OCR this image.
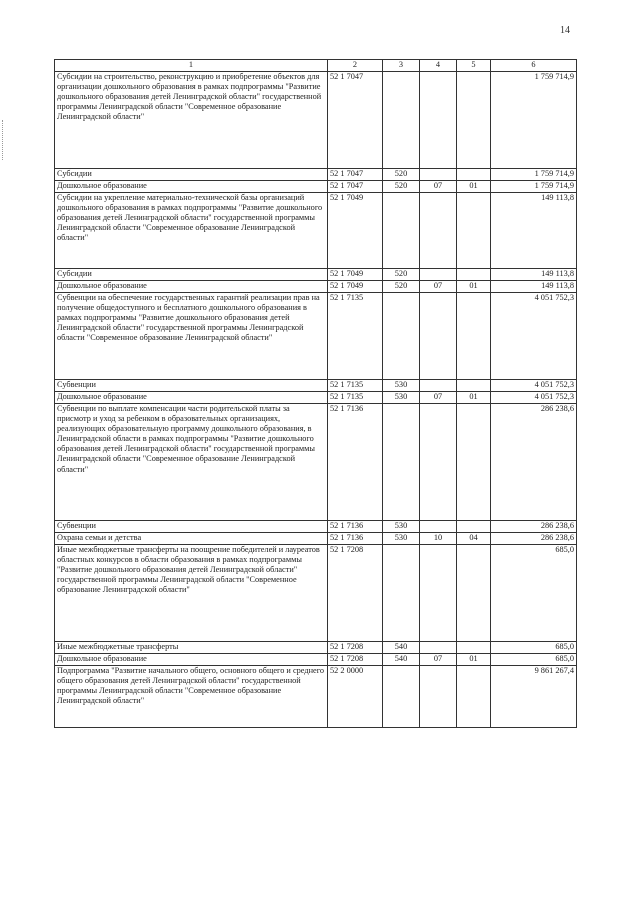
14
1	2	3	4	5	6
Субсидии на строительство, реконструкцию и приобретение объектов для организации дошкольного образования в рамках подпрограммы "Развитие дошкольного образования детей Ленинградской области" государственной программы Ленинградской области "Современное образование Ленинградской области"	52 1 7047				1 759 714,9
Субсидии	52 1 7047	520			1 759 714,9
Дошкольное образование	52 1 7047	520	07	01	1 759 714,9
Субсидии на укрепление материально-технической базы организаций дошкольного образования в рамках подпрограммы "Развитие дошкольного образования детей Ленинградской области" государственной программы Ленинградской области "Современное образование Ленинградской области"	52 1 7049				149 113,8
Субсидии	52 1 7049	520			149 113,8
Дошкольное образование	52 1 7049	520	07	01	149 113,8
Субвенции на обеспечение государственных гарантий реализации прав на получение общедоступного и бесплатного дошкольного образования в рамках подпрограммы "Развитие дошкольного образования детей Ленинградской области" государственной программы Ленинградской области "Современное образование Ленинградской области"	52 1 7135				4 051 752,3
Субвенции	52 1 7135	530			4 051 752,3
Дошкольное образование	52 1 7135	530	07	01	4 051 752,3
Субвенции по выплате компенсации части родительской платы за присмотр и уход за ребенком в образовательных организациях, реализующих образовательную программу дошкольного образования, в Ленинградской области в рамках подпрограммы "Развитие дошкольного образования детей Ленинградской области" государственной программы Ленинградской области "Современное образование Ленинградской области"	52 1 7136				286 238,6
Субвенции	52 1 7136	530			286 238,6
Охрана семьи и детства	52 1 7136	530	10	04	286 238,6
Иные межбюджетные трансферты на поощрение победителей и лауреатов областных конкурсов в области образования в рамках подпрограммы "Развитие дошкольного образования детей Ленинградской области" государственной программы Ленинградской области "Современное образование Ленинградской области"	52 1 7208				685,0
Иные межбюджетные трансферты	52 1 7208	540			685,0
Дошкольное образование	52 1 7208	540	07	01	685,0
Подпрограмма "Развитие начального общего, основного общего и среднего общего образования детей Ленинградской области" государственной программы Ленинградской области "Современное образование Ленинградской области"	52 2 0000				9 861 267,4
